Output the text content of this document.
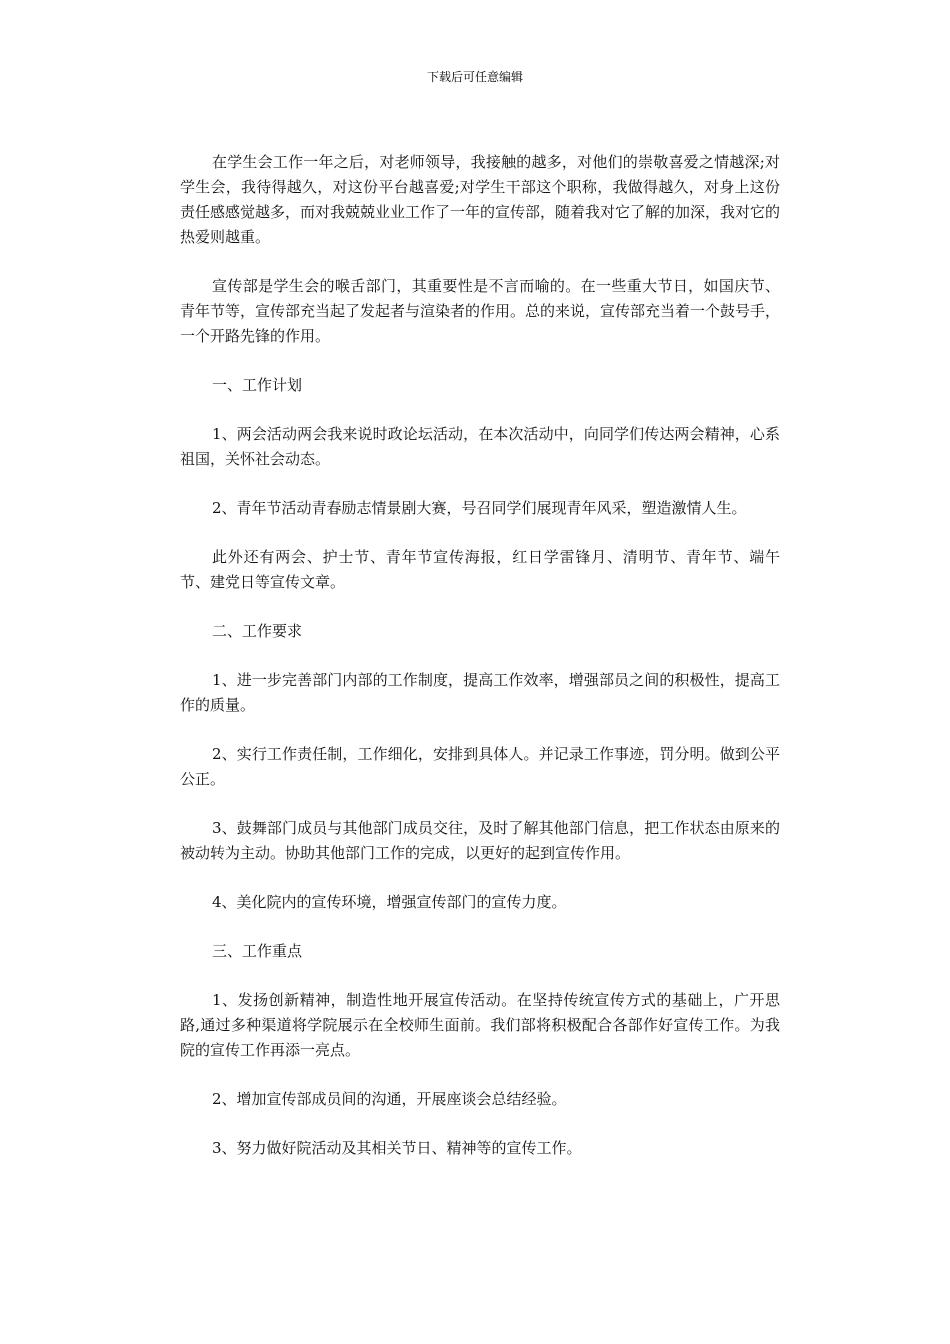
下载后可任意编辑

在学生会工作一年之后，对老师领导，我接触的越多，对他们的崇敬喜爱之情越深;对学生会，我待得越久，对这份平台越喜爱;对学生干部这个职称，我做得越久，对身上这份责任感感觉越多，而对我兢兢业业工作了一年的宣传部，随着我对它了解的加深，我对它的热爱则越重。

宣传部是学生会的喉舌部门，其重要性是不言而喻的。在一些重大节日，如国庆节、青年节等，宣传部充当起了发起者与渲染者的作用。总的来说，宣传部充当着一个鼓号手，一个开路先锋的作用。

一、工作计划

1、两会活动两会我来说时政论坛活动，在本次活动中，向同学们传达两会精神，心系祖国，关怀社会动态。

2、青年节活动青春励志情景剧大赛，号召同学们展现青年风采，塑造激情人生。

此外还有两会、护士节、青年节宣传海报，红日学雷锋月、清明节、青年节、端午节、建党日等宣传文章。

二、工作要求

1、进一步完善部门内部的工作制度，提高工作效率，增强部员之间的积极性，提高工作的质量。

2、实行工作责任制，工作细化，安排到具体人。并记录工作事迹，罚分明。做到公平公正。

3、鼓舞部门成员与其他部门成员交往，及时了解其他部门信息，把工作状态由原来的被动转为主动。协助其他部门工作的完成，以更好的起到宣传作用。

4、美化院内的宣传环境，增强宣传部门的宣传力度。

三、工作重点

1、发扬创新精神，制造性地开展宣传活动。在坚持传统宣传方式的基础上，广开思路,通过多种渠道将学院展示在全校师生面前。我们部将积极配合各部作好宣传工作。为我院的宣传工作再添一亮点。

2、增加宣传部成员间的沟通，开展座谈会总结经验。

3、努力做好院活动及其相关节日、精神等的宣传工作。
